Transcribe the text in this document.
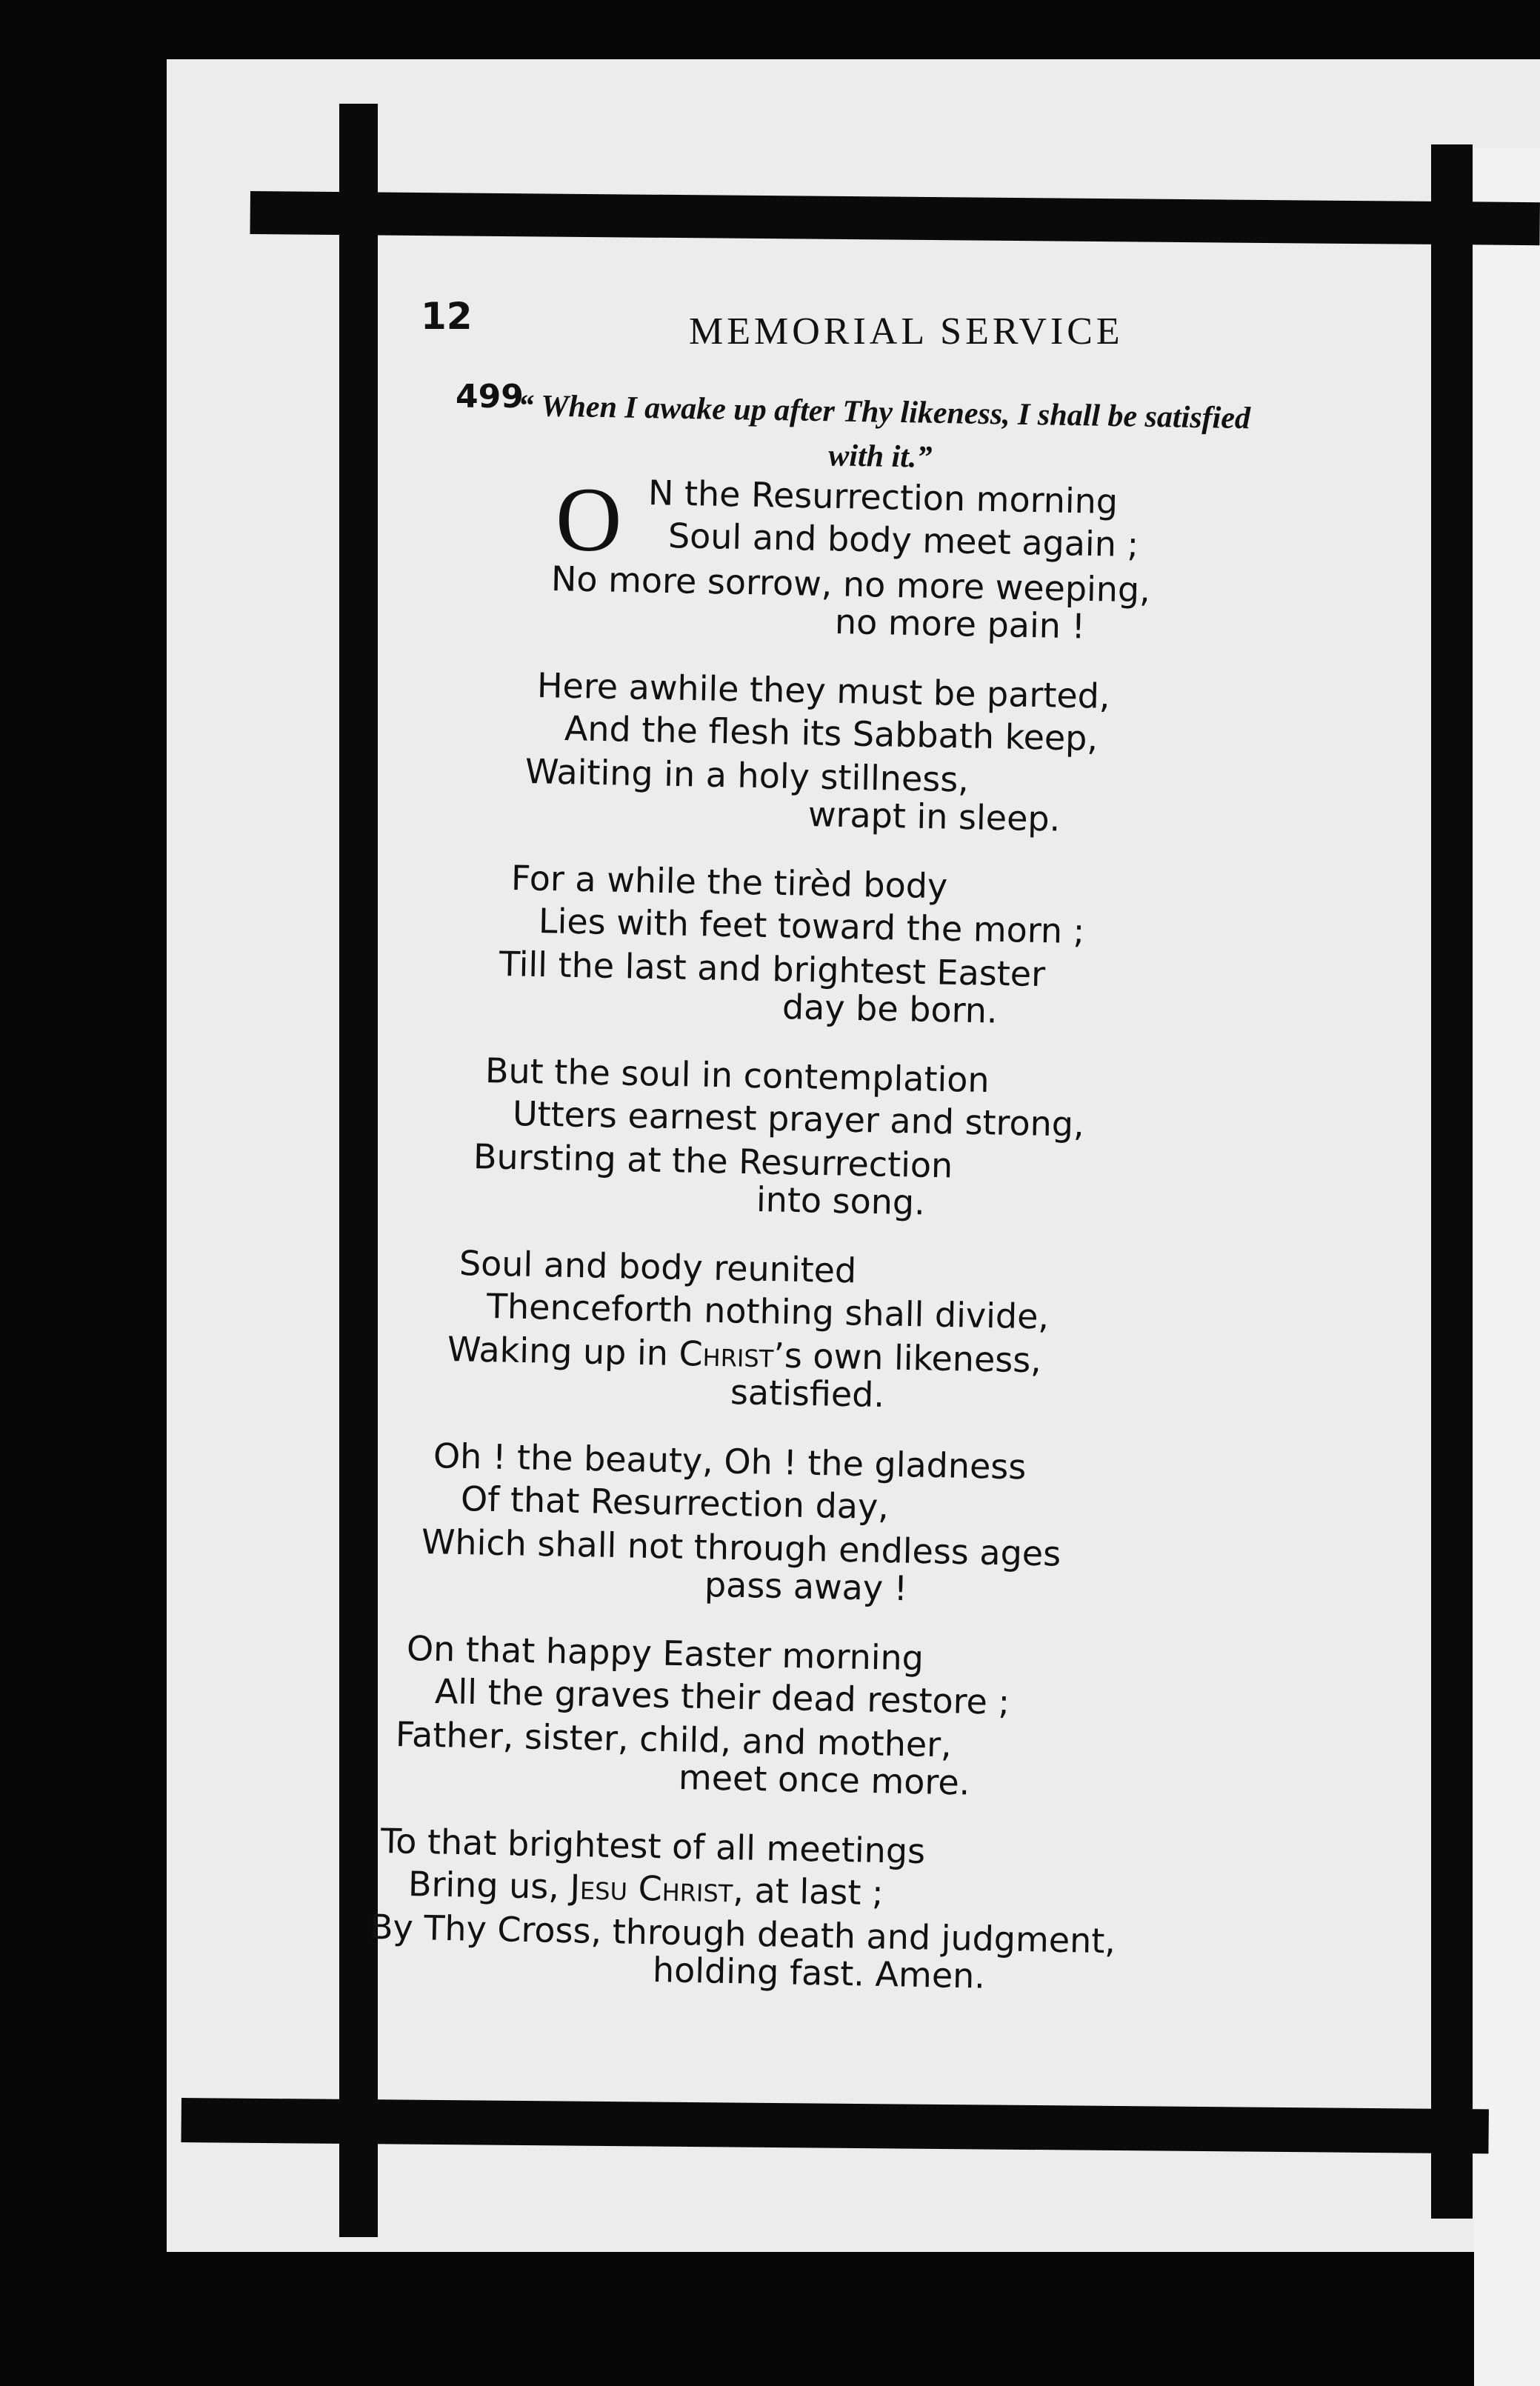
12	MEMORIAL SERVICE
499
“ When I awake up after Thy likeness, I shall be satisfied
with it.”
O N the Resurrection morning
Soul and body meet again ;
No more sorrow, no more weeping,
no more pain !
Here awhile they must be parted,
And the flesh its Sabbath keep,
Waiting in a holy stillness,
wrapt in sleep.
For a while the tirèd body
Lies with feet toward the morn ;
Till the last and brightest Easter
day be born.
But the soul in contemplation
Utters earnest prayer and strong,
Bursting at the Resurrection
into song.
Soul and body reunited
Thenceforth nothing shall divide,
Waking up in Christ’s own likeness,
satisfied.
Oh ! the beauty, Oh ! the gladness
Of that Resurrection day,
Which shall not through endless ages
pass away !
On that happy Easter morning
All the graves their dead restore ;
Father, sister, child, and mother,
meet once more.
To that brightest of all meetings
Bring us, Jesu Christ, at last ;
By Thy Cross, through death and judgment,
holding fast. Amen.
